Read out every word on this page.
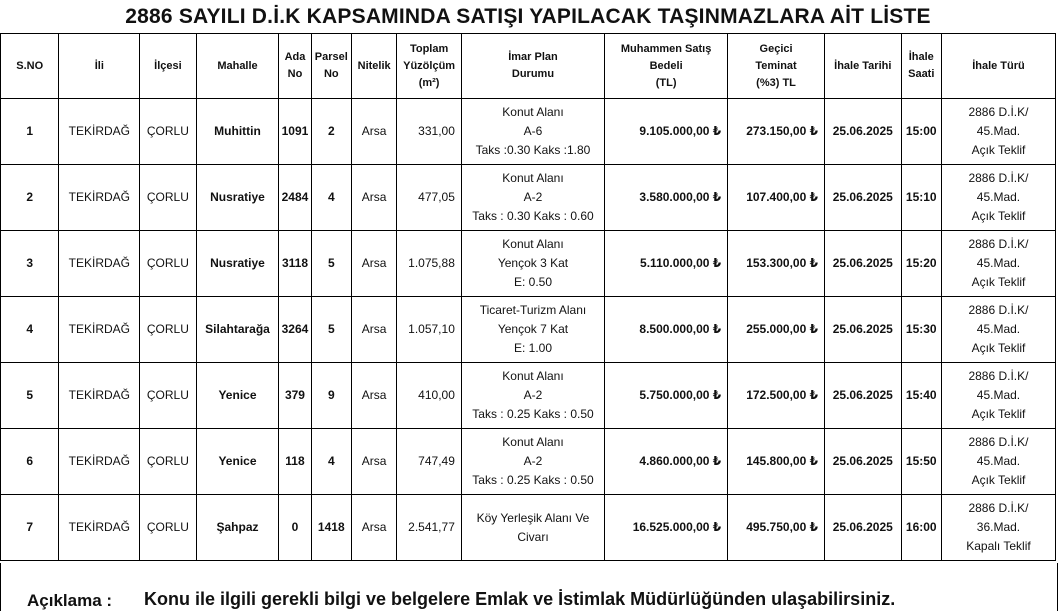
2886 SAYILI D.İ.K KAPSAMINDA SATIŞI YAPILACAK TAŞINMAZLARA AİT LİSTE
S.NO	İli	İlçesi	Mahalle	Ada
No	Parsel
No	Nitelik	Toplam
Yüzölçüm
(m²)	İmar Plan
Durumu	Muhammen Satış
Bedeli
(TL)	Geçici
Teminat
(%3) TL	İhale Tarihi	İhale
Saati	İhale Türü
1	TEKİRDAĞ	ÇORLU	Muhittin	1091	2	Arsa	331,00	Konut Alanı
A-6
Taks :0.30 Kaks :1.80	9.105.000,00 ₺	273.150,00 ₺	25.06.2025	15:00	2886 D.İ.K/
45.Mad.
Açık Teklif

2	TEKİRDAĞ	ÇORLU	Nusratiye	2484	4	Arsa	477,05	Konut Alanı
A-2
Taks : 0.30 Kaks : 0.60	3.580.000,00 ₺	107.400,00 ₺	25.06.2025	15:10	2886 D.İ.K/
45.Mad.
Açık Teklif

3	TEKİRDAĞ	ÇORLU	Nusratiye	3118	5	Arsa	1.075,88	Konut Alanı
Yençok 3 Kat
E: 0.50	5.110.000,00 ₺	153.300,00 ₺	25.06.2025	15:20	2886 D.İ.K/
45.Mad.
Açık Teklif

4	TEKİRDAĞ	ÇORLU	Silahtarağa	3264	5	Arsa	1.057,10	Ticaret-Turizm Alanı
Yençok 7 Kat
E: 1.00	8.500.000,00 ₺	255.000,00 ₺	25.06.2025	15:30	2886 D.İ.K/
45.Mad.
Açık Teklif

5	TEKİRDAĞ	ÇORLU	Yenice	379	9	Arsa	410,00	Konut Alanı
A-2
Taks : 0.25 Kaks : 0.50	5.750.000,00 ₺	172.500,00 ₺	25.06.2025	15:40	2886 D.İ.K/
45.Mad.
Açık Teklif

6	TEKİRDAĞ	ÇORLU	Yenice	118	4	Arsa	747,49	Konut Alanı
A-2
Taks : 0.25 Kaks : 0.50	4.860.000,00 ₺	145.800,00 ₺	25.06.2025	15:50	2886 D.İ.K/
45.Mad.
Açık Teklif

7	TEKİRDAĞ	ÇORLU	Şahpaz	0	1418	Arsa	2.541,77	Köy Yerleşik Alanı Ve
Civarı	16.525.000,00 ₺	495.750,00 ₺	25.06.2025	16:00	2886 D.İ.K/
36.Mad.
Kapalı Teklif
Açıklama : Konu ile ilgili gerekli bilgi ve belgelere Emlak ve İstimlak Müdürlüğünden ulaşabilirsiniz.
